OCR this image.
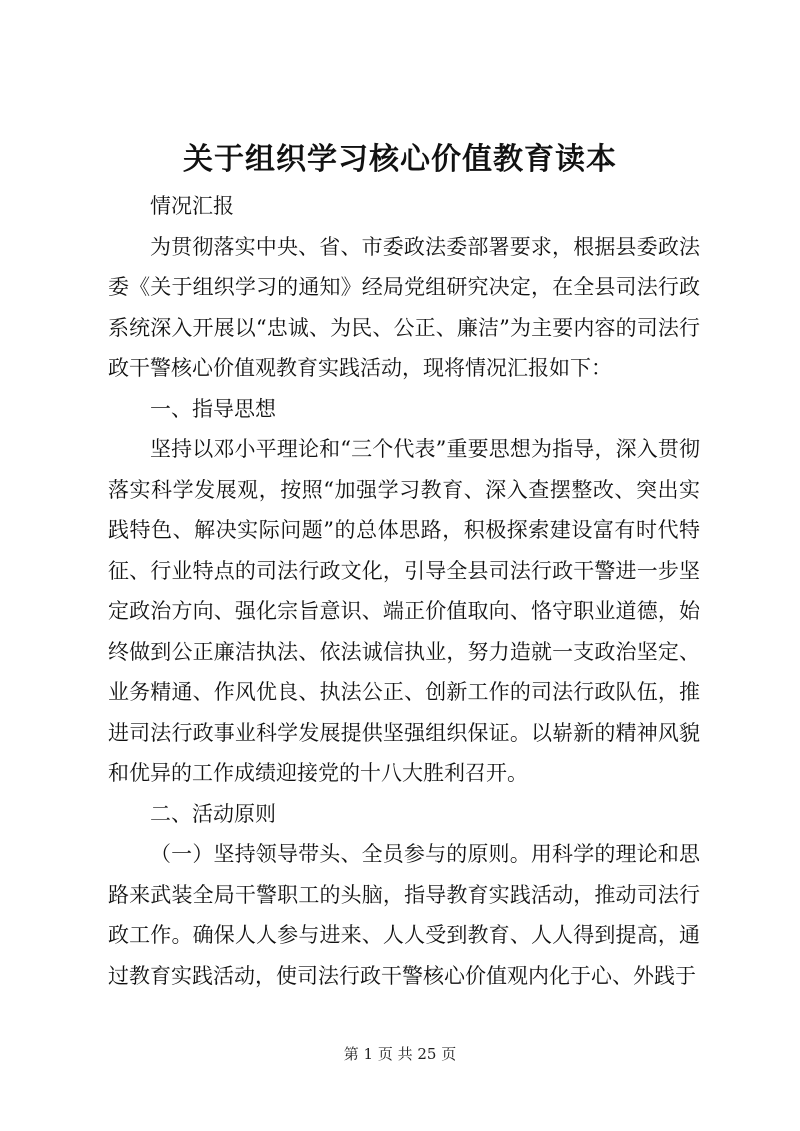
关于组织学习核心价值教育读本

情况汇报

为贯彻落实中央、省、市委政法委部署要求，根据县委政法委《关于组织学习的通知》经局党组研究决定，在全县司法行政系统深入开展以“忠诚、为民、公正、廉洁”为主要内容的司法行政干警核心价值观教育实践活动，现将情况汇报如下：

一、指导思想

坚持以邓小平理论和“三个代表”重要思想为指导，深入贯彻落实科学发展观，按照“加强学习教育、深入查摆整改、突出实践特色、解决实际问题”的总体思路，积极探索建设富有时代特征、行业特点的司法行政文化，引导全县司法行政干警进一步坚定政治方向、强化宗旨意识、端正价值取向、恪守职业道德，始终做到公正廉洁执法、依法诚信执业，努力造就一支政治坚定、业务精通、作风优良、执法公正、创新工作的司法行政队伍，推进司法行政事业科学发展提供坚强组织保证。以崭新的精神风貌和优异的工作成绩迎接党的十八大胜利召开。

二、活动原则

（一）坚持领导带头、全员参与的原则。用科学的理论和思路来武装全局干警职工的头脑，指导教育实践活动，推动司法行政工作。确保人人参与进来、人人受到教育、人人得到提高，通过教育实践活动，使司法行政干警核心价值观内化于心、外践于

第 1 页 共 25 页
